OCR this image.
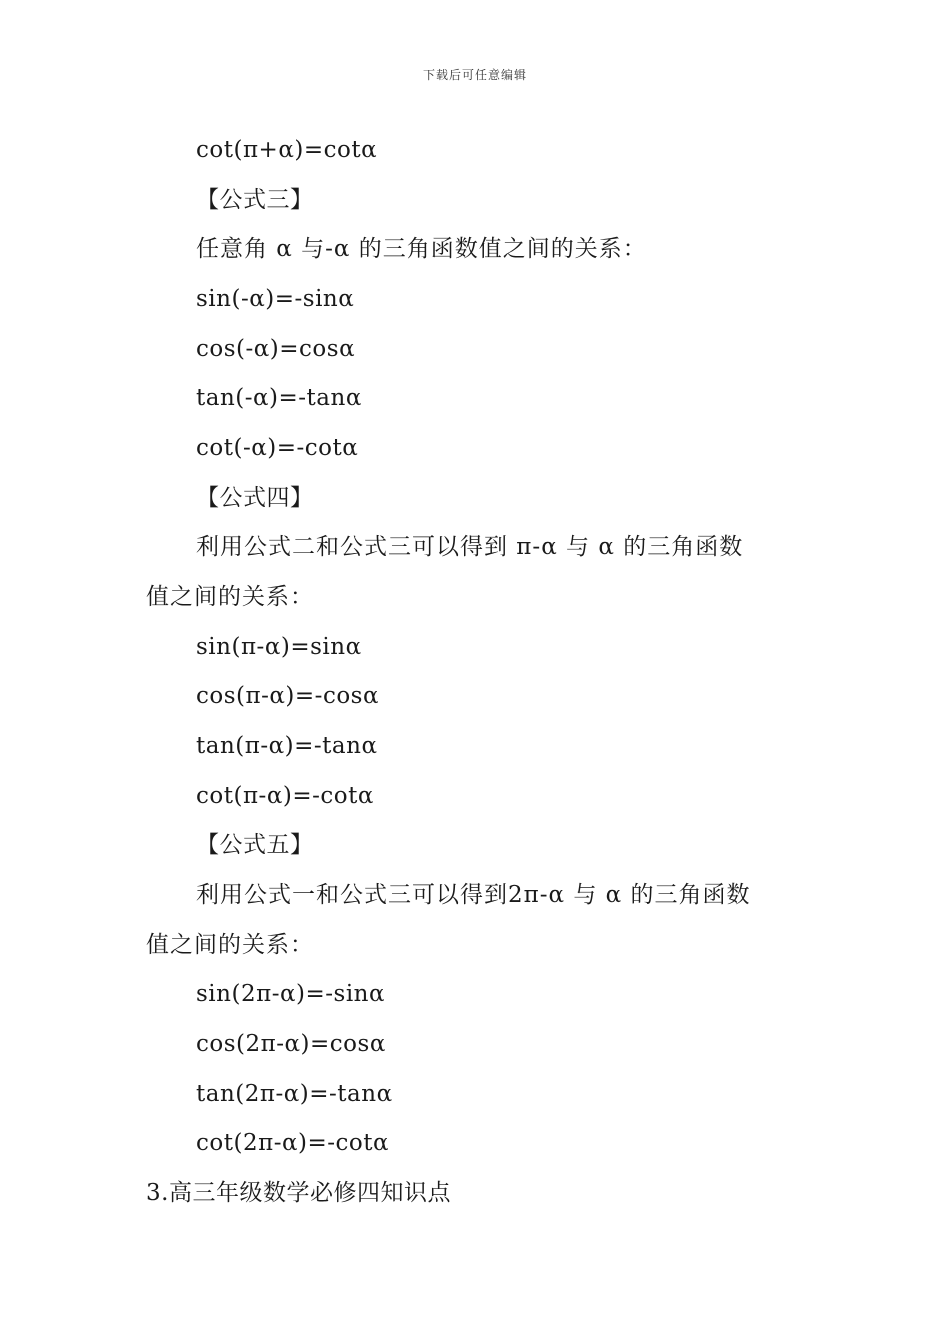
下载后可任意编辑
cot(π+α)=cotα
【公式三】
任意角 α 与-α 的三角函数值之间的关系：
sin(-α)=-sinα
cos(-α)=cosα
tan(-α)=-tanα
cot(-α)=-cotα
【公式四】
利用公式二和公式三可以得到 π-α 与 α 的三角函数
值之间的关系：
sin(π-α)=sinα
cos(π-α)=-cosα
tan(π-α)=-tanα
cot(π-α)=-cotα
【公式五】
利用公式一和公式三可以得到2π-α 与 α 的三角函数
值之间的关系：
sin(2π-α)=-sinα
cos(2π-α)=cosα
tan(2π-α)=-tanα
cot(2π-α)=-cotα
3.高三年级数学必修四知识点
